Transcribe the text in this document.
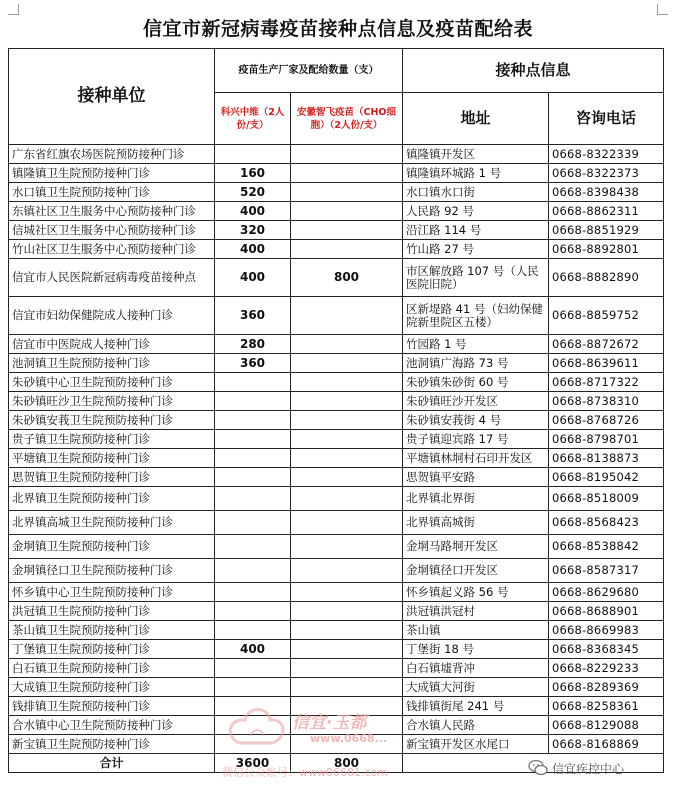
信宜市新冠病毒疫苗接种点信息及疫苗配给表
接种单位	疫苗生产厂家及配给数量（支）		接种点信息	
	科兴中维（2人份/支）	安徽智飞疫苗（CHO细胞）（2人份/支）	地址	咨询电话
广东省红旗农场医院预防接种门诊			镇隆镇开发区	0668-8322339
镇隆镇卫生院预防接种门诊	160		镇隆镇环城路 1 号	0668-8322373
水口镇卫生院预防接种门诊	520		水口镇水口街	0668-8398438
东镇社区卫生服务中心预防接种门诊	400		人民路 92 号	0668-8862311
信城社区卫生服务中心预防接种门诊	320		沿江路 114 号	0668-8851929
竹山社区卫生服务中心预防接种门诊	400		竹山路 27 号	0668-8892801
信宜市人民医院新冠病毒疫苗接种点	400	800	市区解放路 107 号（人民医院旧院）	0668-8882890
信宜市妇幼保健院成人接种门诊	360		区新堤路 41 号（妇幼保健院新里院区五楼）	0668-8859752
信宜市中医院成人接种门诊	280		竹园路 1 号	0668-8872672
池洞镇卫生院预防接种门诊	360		池洞镇广海路 73 号	0668-8639611
朱砂镇中心卫生院预防接种门诊			朱砂镇朱砂街 60 号	0668-8717322
朱砂镇旺沙卫生院预防接种门诊			朱砂镇旺沙开发区	0668-8738310
朱砂镇安莪卫生院预防接种门诊			朱砂镇安莪街 4 号	0668-8768726
贵子镇卫生院预防接种门诊			贵子镇迎宾路 17 号	0668-8798701
平塘镇卫生院预防接种门诊			平塘镇林垌村石印开发区	0668-8138873
思贺镇卫生院预防接种门诊			思贺镇平安路	0668-8195042
北界镇卫生院预防接种门诊			北界镇北界街	0668-8518009
北界镇高城卫生院预防接种门诊			北界镇高城街	0668-8568423
金垌镇卫生院预防接种门诊			金垌马路垌开发区	0668-8538842
金垌镇径口卫生院预防接种门诊			金垌镇径口开发区	0668-8587317
怀乡镇中心卫生院预防接种门诊			怀乡镇起义路 56 号	0668-8629680
洪冠镇卫生院预防接种门诊			洪冠镇洪冠村	0668-8688901
茶山镇卫生院预防接种门诊			茶山镇	0668-8669983
丁堡镇卫生院预防接种门诊	400		丁堡街 18 号	0668-8368345
白石镇卫生院预防接种门诊			白石镇墟背冲	0668-8229233
大成镇卫生院预防接种门诊			大成镇大河街	0668-8289369
钱排镇卫生院预防接种门诊			钱排镇街尾 241 号	0668-8258361
合水镇中心卫生院预防接种门诊			合水镇人民路	0668-8129088
新宝镇卫生院预防接种门诊			新宝镇开发区水尾口	0668-8168869
合计	3600	800		
信宜·玉都
www.0668...
微信公众帐号：www06681.com	信宜疾控中心
